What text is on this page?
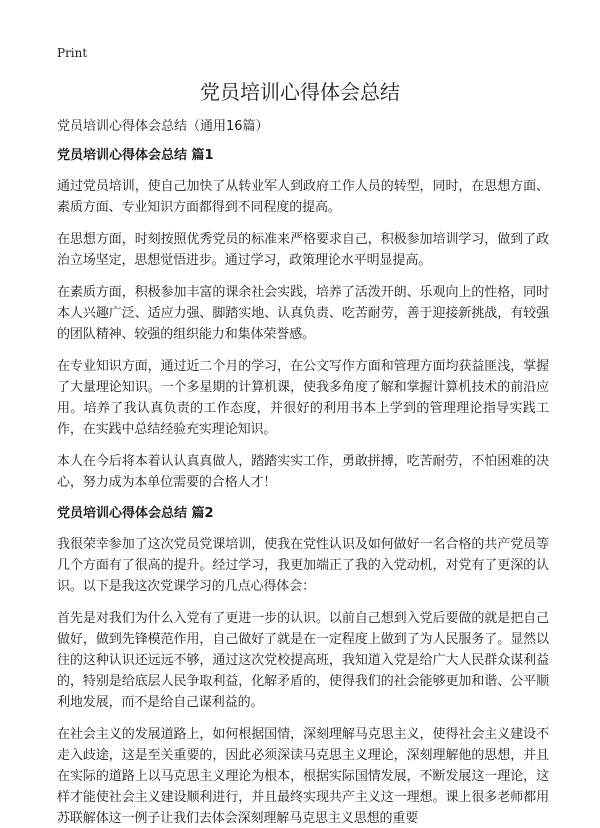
Print
党员培训心得体会总结

党员培训心得体会总结（通用16篇）

党员培训心得体会总结 篇1

通过党员培训，使自己加快了从转业军人到政府工作人员的转型，同时，在思想方面、素质方面、专业知识方面都得到不同程度的提高。

在思想方面，时刻按照优秀党员的标准来严格要求自己，积极参加培训学习，做到了政治立场坚定，思想觉悟进步。通过学习，政策理论水平明显提高。

在素质方面，积极参加丰富的课余社会实践，培养了活泼开朗、乐观向上的性格，同时本人兴趣广泛、适应力强、脚踏实地、认真负责、吃苦耐劳，善于迎接新挑战，有较强的团队精神、较强的组织能力和集体荣誉感。

在专业知识方面，通过近二个月的学习，在公文写作方面和管理方面均获益匪浅，掌握了大量理论知识。一个多星期的计算机课，使我多角度了解和掌握计算机技术的前沿应用。培养了我认真负责的工作态度，并很好的利用书本上学到的管理理论指导实践工作，在实践中总结经验充实理论知识。

本人在今后将本着认认真真做人，踏踏实实工作，勇敢拼搏，吃苦耐劳，不怕困难的决心，努力成为本单位需要的合格人才！

党员培训心得体会总结 篇2

我很荣幸参加了这次党员党课培训，使我在党性认识及如何做好一名合格的共产党员等几个方面有了很高的提升。经过学习，我更加端正了我的入党动机，对党有了更深的认识。以下是我这次党课学习的几点心得体会：

首先是对我们为什么入党有了更进一步的认识。以前自己想到入党后要做的就是把自己做好，做到先锋模范作用，自己做好了就是在一定程度上做到了为人民服务了。显然以往的这种认识还远远不够，通过这次党校提高班，我知道入党是给广大人民群众谋利益的，特别是给底层人民争取利益，化解矛盾的，使得我们的社会能够更加和谐、公平顺利地发展，而不是给自己谋利益的。

在社会主义的发展道路上，如何根据国情，深刻理解马克思主义，使得社会主义建设不走入歧途，这是至关重要的，因此必须深读马克思主义理论，深刻理解他的思想，并且在实际的道路上以马克思主义理论为根本，根据实际国情发展，不断发展这一理论，这样才能使社会主义建设顺利进行，并且最终实现共产主义这一理想。课上很多老师都用苏联解体这一例子让我们去体会深刻理解马克思主义思想的重要
